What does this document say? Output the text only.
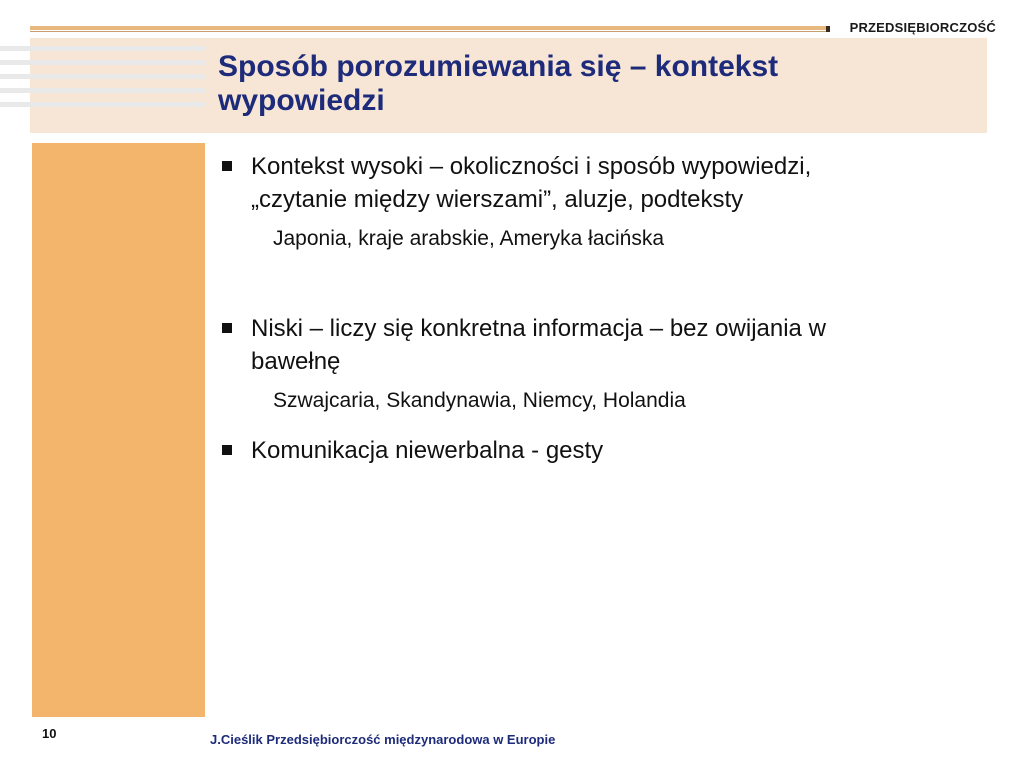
PRZEDSIĘBIORCZOŚĆ
Sposób porozumiewania się – kontekst
wypowiedzi
Kontekst wysoki – okoliczności i sposób wypowiedzi,
„czytanie między wierszami”, aluzje, podteksty
Japonia, kraje arabskie, Ameryka łacińska
Niski – liczy się konkretna informacja – bez owijania w
bawełnę
Szwajcaria, Skandynawia, Niemcy, Holandia
Komunikacja niewerbalna - gesty
10	J.Cieślik Przedsiębiorczość międzynarodowa w Europie
